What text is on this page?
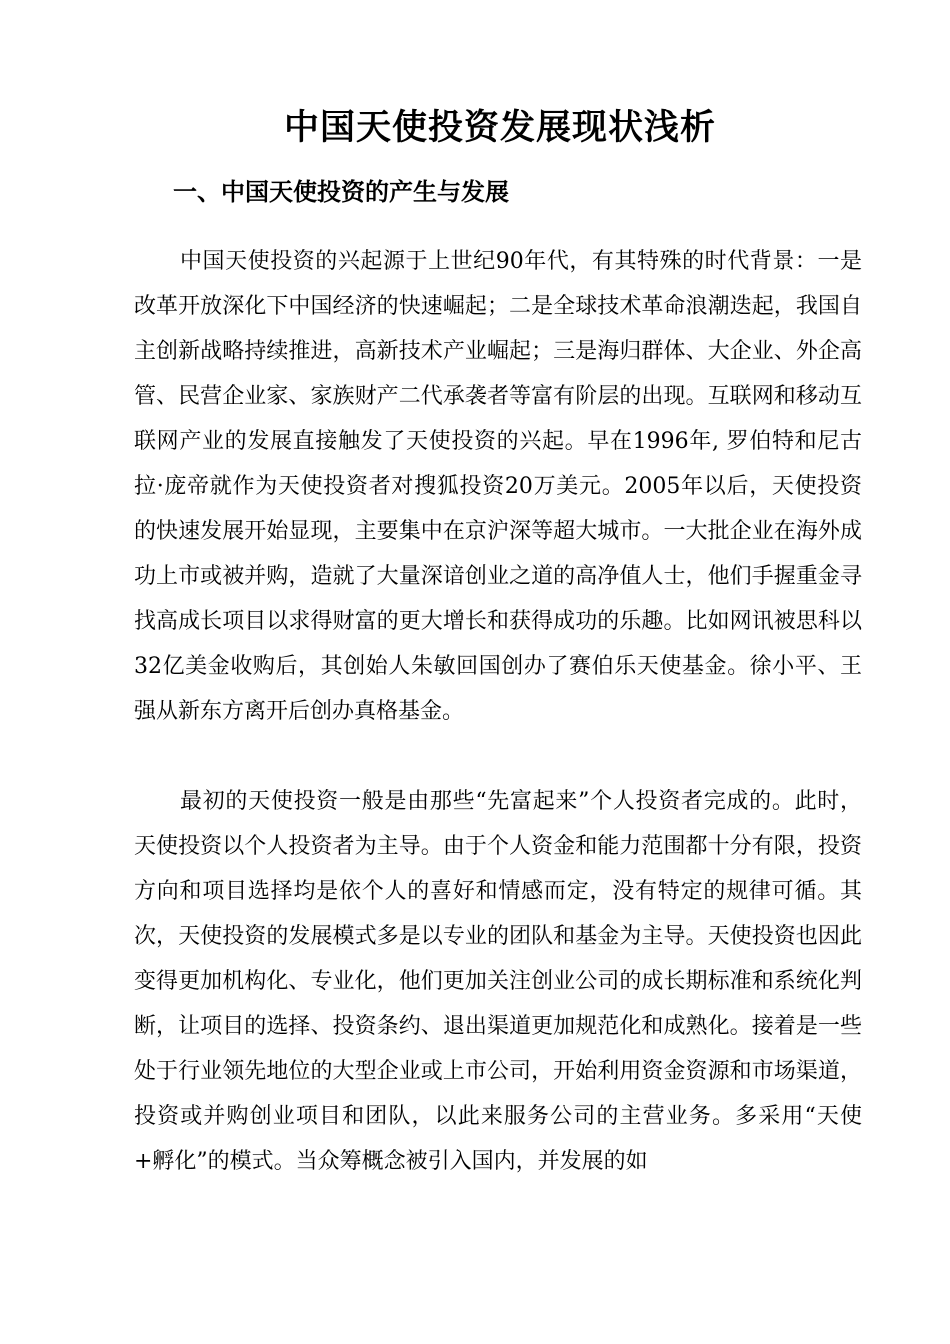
中国天使投资发展现状浅析
一、中国天使投资的产生与发展

中国天使投资的兴起源于上世纪90年代，有其特殊的时代背景：一是改革开放深化下中国经济的快速崛起；二是全球技术革命浪潮迭起，我国自主创新战略持续推进，高新技术产业崛起；三是海归群体、大企业、外企高管、民营企业家、家族财产二代承袭者等富有阶层的出现。互联网和移动互联网产业的发展直接触发了天使投资的兴起。早在1996年, 罗伯特和尼古拉·庞帝就作为天使投资者对搜狐投资20万美元。2005年以后，天使投资的快速发展开始显现，主要集中在京沪深等超大城市。一大批企业在海外成功上市或被并购，造就了大量深谙创业之道的高净值人士，他们手握重金寻找高成长项目以求得财富的更大增长和获得成功的乐趣。比如网讯被思科以32亿美金收购后，其创始人朱敏回国创办了赛伯乐天使基金。徐小平、王强从新东方离开后创办真格基金。

最初的天使投资一般是由那些“先富起来”个人投资者完成的。此时，天使投资以个人投资者为主导。由于个人资金和能力范围都十分有限，投资方向和项目选择均是依个人的喜好和情感而定，没有特定的规律可循。其次，天使投资的发展模式多是以专业的团队和基金为主导。天使投资也因此变得更加机构化、专业化，他们更加关注创业公司的成长期标准和系统化判断，让项目的选择、投资条约、退出渠道更加规范化和成熟化。接着是一些处于行业领先地位的大型企业或上市公司，开始利用资金资源和市场渠道，投资或并购创业项目和团队，以此来服务公司的主营业务。多采用“天使+孵化”的模式。当众筹概念被引入国内，并发展的如
